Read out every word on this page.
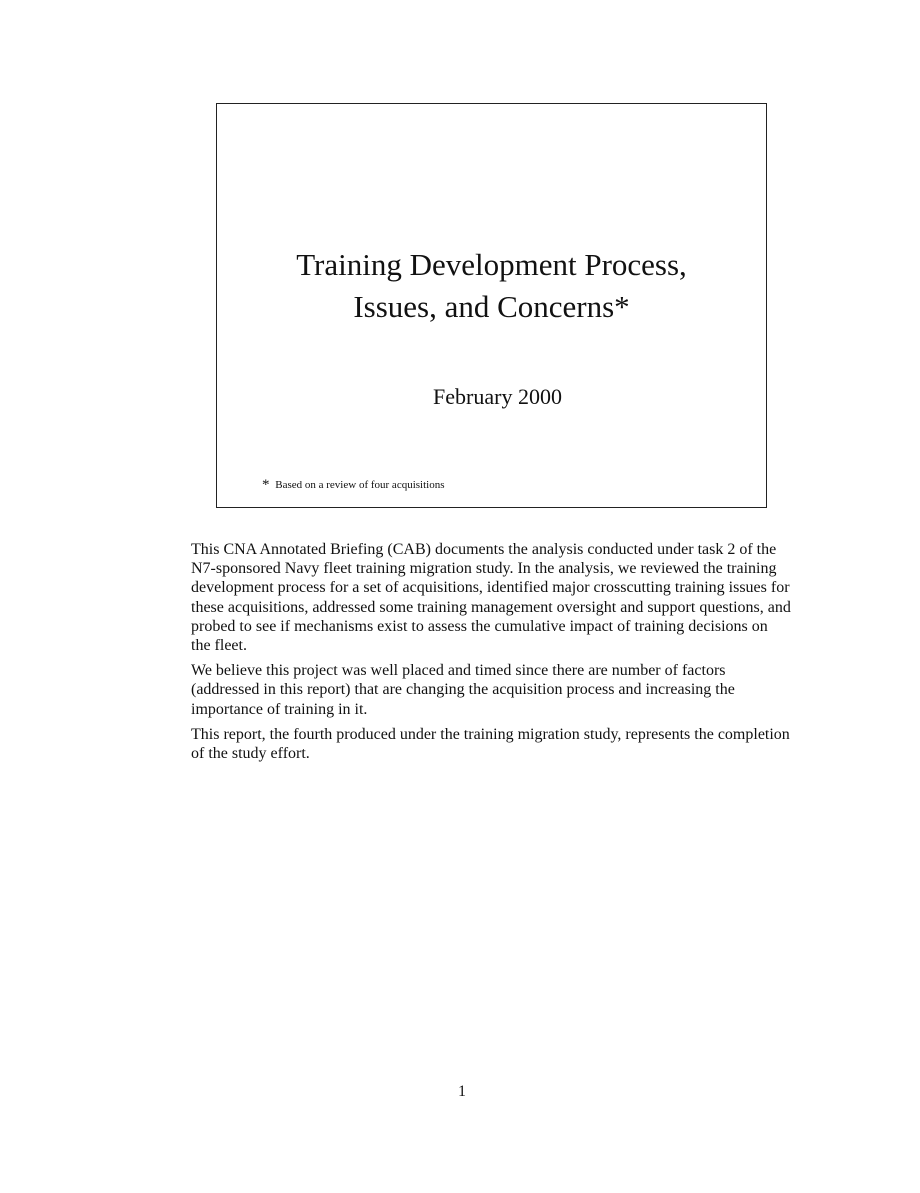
Training Development Process,
Issues, and Concerns*
February 2000
* Based on a review of four acquisitions

This CNA Annotated Briefing (CAB) documents the analysis conducted under task 2 of the N7-sponsored Navy fleet training migration study. In the analysis, we reviewed the training development process for a set of acquisitions, identified major crosscutting training issues for these acquisitions, addressed some training management oversight and support questions, and probed to see if mechanisms exist to assess the cumulative impact of training decisions on the fleet.

We believe this project was well placed and timed since there are number of factors (addressed in this report) that are changing the acquisition process and increasing the importance of training in it.

This report, the fourth produced under the training migration study, represents the completion of the study effort.

1
